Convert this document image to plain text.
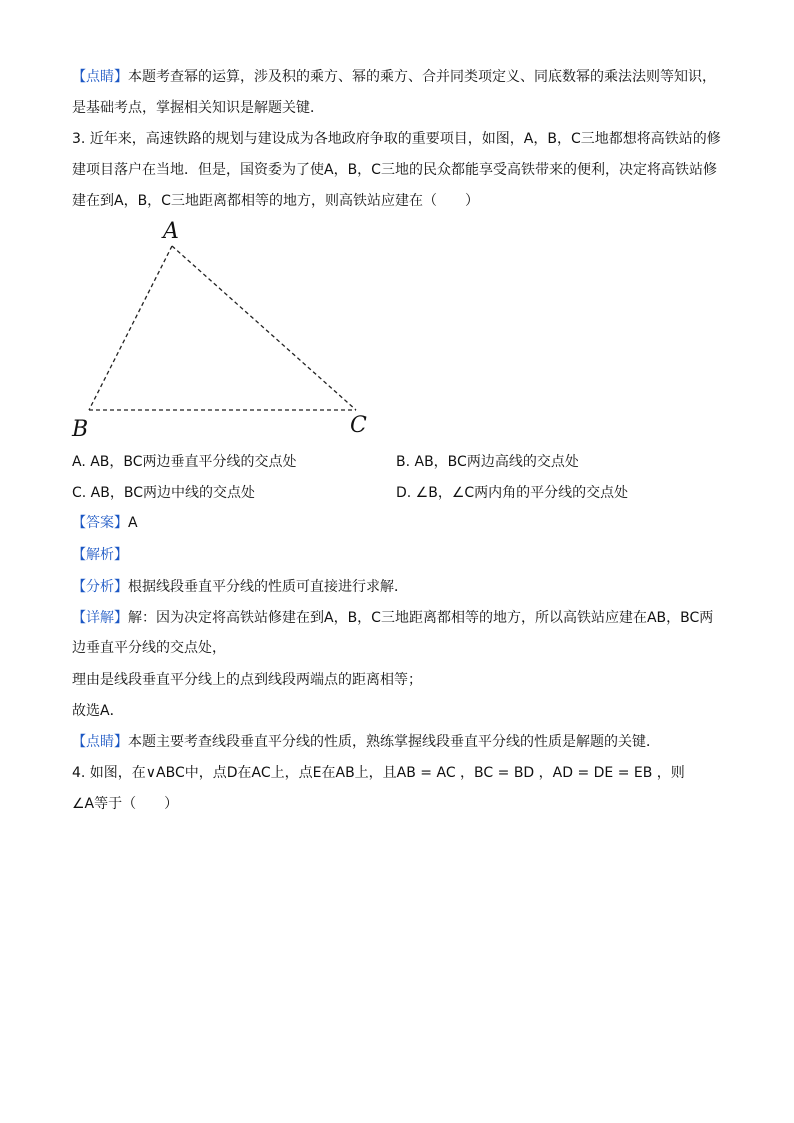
【点睛】本题考查幂的运算，涉及积的乘方、幂的乘方、合并同类项定义、同底数幂的乘法法则等知识，
是基础考点，掌握相关知识是解题关键．
3. 近年来，高速铁路的规划与建设成为各地政府争取的重要项目，如图，A，B，C三地都想将高铁站的修
建项目落户在当地．但是，国资委为了使A，B，C三地的民众都能享受高铁带来的便利，决定将高铁站修
建在到A，B，C三地距离都相等的地方，则高铁站应建在（　　）
A
B	C
A. AB，BC两边垂直平分线的交点处	B. AB，BC两边高线的交点处
C. AB，BC两边中线的交点处	D. ∠B，∠C两内角的平分线的交点处
【答案】A
【解析】
【分析】根据线段垂直平分线的性质可直接进行求解．
【详解】解：因为决定将高铁站修建在到A，B，C三地距离都相等的地方，所以高铁站应建在AB，BC两
边垂直平分线的交点处，
理由是线段垂直平分线上的点到线段两端点的距离相等；
故选A．
【点睛】本题主要考查线段垂直平分线的性质，熟练掌握线段垂直平分线的性质是解题的关键．
4. 如图，在∨ABC中，点D在AC上，点E在AB上，且AB = AC ，BC = BD ，AD = DE = EB ，则
∠A等于（　　）
